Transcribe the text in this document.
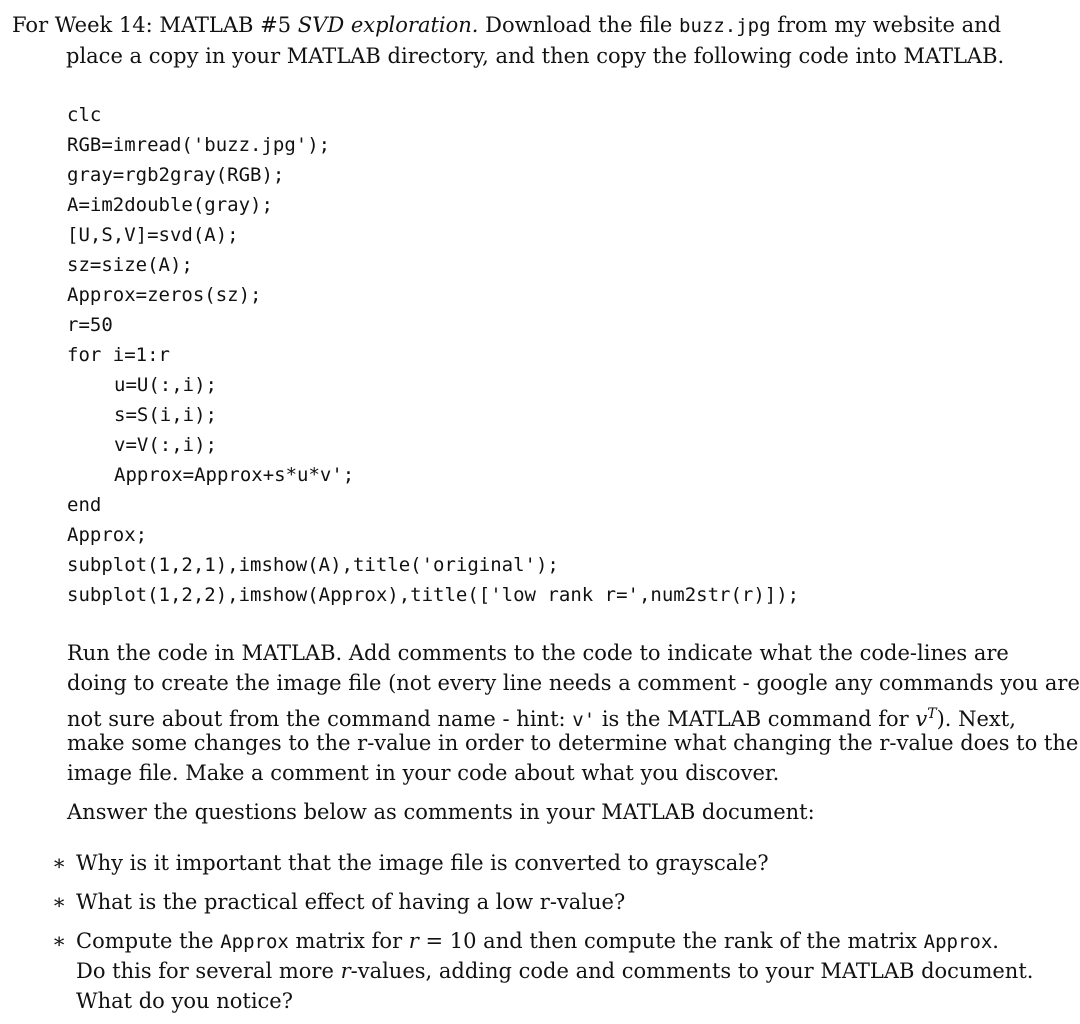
For Week 14: MATLAB #5 SVD exploration. Download the file buzz.jpg from my website and
place a copy in your MATLAB directory, and then copy the following code into MATLAB.
clc
RGB=imread('buzz.jpg');
gray=rgb2gray(RGB);
A=im2double(gray);
[U,S,V]=svd(A);
sz=size(A);
Approx=zeros(sz);
r=50
for i=1:r
u=U(:,i);
s=S(i,i);
v=V(:,i);
Approx=Approx+s*u*v';
end
Approx;
subplot(1,2,1),imshow(A),title('original');
subplot(1,2,2),imshow(Approx),title(['low rank r=',num2str(r)]);
Run the code in MATLAB. Add comments to the code to indicate what the code-lines are
doing to create the image file (not every line needs a comment - google any commands you are
not sure about from the command name - hint: v' is the MATLAB command for $v^T$). Next,
make some changes to the r-value in order to determine what changing the r-value does to the
image file. Make a comment in your code about what you discover.
Answer the questions below as comments in your MATLAB document:
∗ Why is it important that the image file is converted to grayscale?
∗ What is the practical effect of having a low r-value?
∗ Compute the Approx matrix for r = 10 and then compute the rank of the matrix Approx.
Do this for several more r-values, adding code and comments to your MATLAB document.
What do you notice?
